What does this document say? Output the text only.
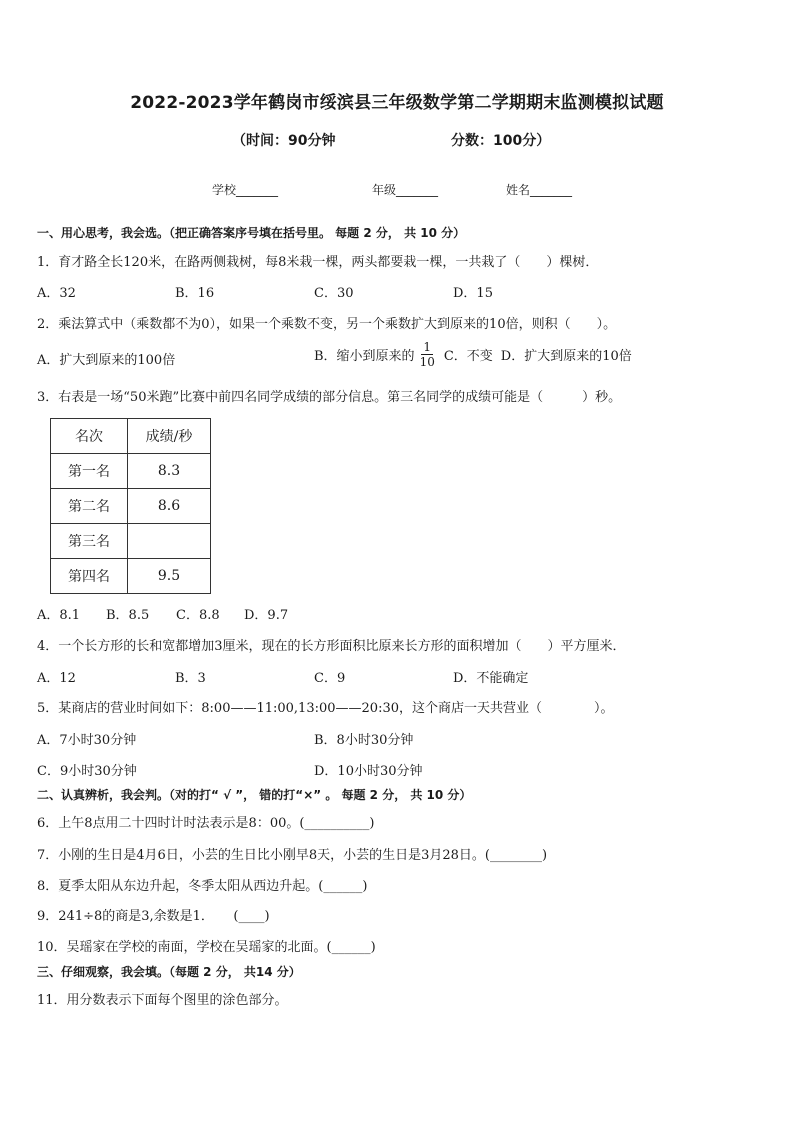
2022-2023学年鹤岗市绥滨县三年级数学第二学期期末监测模拟试题
（时间：90分钟	分数：100分）
学校_______	年级_______	姓名_______
一、用心思考，我会选。（把正确答案序号填在括号里。 每题 2 分， 共 10 分）
1．育才路全长120米，在路两侧栽树，每8米栽一棵，两头都要栽一棵，一共栽了（　　）棵树．
A．32	B．16	C．30	D．15
2．乘法算式中（乘数都不为0），如果一个乘数不变，另一个乘数扩大到原来的10倍，则积（　　）。
A．扩大到原来的100倍	B．缩小到原来的 $\frac{1}{10}$ C．不变 D．扩大到原来的10倍
3．右表是一场“50米跑”比赛中前四名同学成绩的部分信息。第三名同学的成绩可能是（　　　）秒。
名次	成绩/秒
第一名	8.3
第二名	8.6
第三名	
第四名	9.5
A．8.1 B．8.5 C．8.8 D．9.7
4．一个长方形的长和宽都增加3厘米，现在的长方形面积比原来长方形的面积增加（　　）平方厘米．
A．12	B．3	C．9	D．不能确定
5．某商店的营业时间如下：8:00——11:00,13:00——20:30，这个商店一天共营业（　　　　）。
A．7小时30分钟	B．8小时30分钟
C．9小时30分钟	D．10小时30分钟
二、认真辨析，我会判。（对的打“ √ ”， 错的打“×” 。 每题 2 分， 共 10 分）
6．上午8点用二十四时计时法表示是8：00。(__________)
7．小刚的生日是4月6日，小芸的生日比小刚早8天，小芸的生日是3月28日。(________)
8．夏季太阳从东边升起，冬季太阳从西边升起。(______)
9．241÷8的商是3,余数是1．　　(____)
10．吴瑶家在学校的南面，学校在吴瑶家的北面。(______)
三、仔细观察，我会填。（每题 2 分， 共14 分）
11．用分数表示下面每个图里的涂色部分。
